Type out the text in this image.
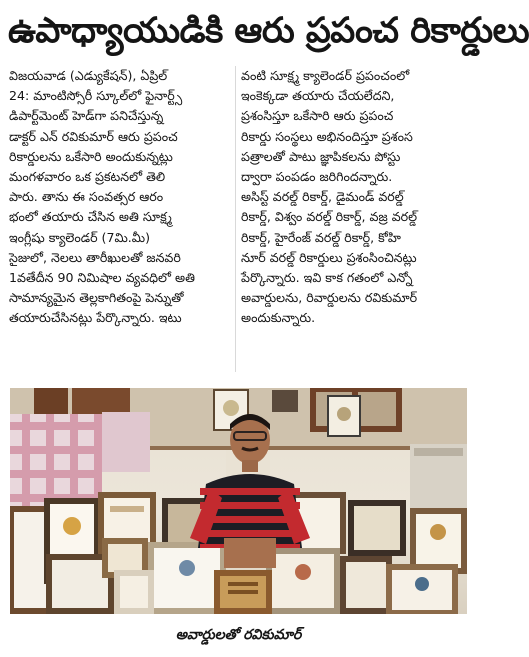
ఉపాధ్యాయుడికి ఆరు ప్రపంచ రికార్డులు
విజయవాడ (ఎడ్యుకేషన్), ఏప్రిల్
24: మాంటిస్సోరీ స్కూల్‌లో ఫైనార్ట్స్
డిపార్ట్‌మెంట్ హెడ్‌గా పనిచేస్తున్న
డాక్టర్ ఎన్ రవికుమార్ ఆరు ప్రపంచ
రికార్డులను ఒకేసారి అందుకున్నట్లు
మంగళవారం ఒక ప్రకటనలో తెలి
పారు. తాను ఈ సంవత్సర ఆరం
భంలో తయారు చేసిన అతి సూక్ష్మ
ఇంగ్లీషు క్యాలెండర్ (7మి.మీ)
సైజులో, నెలలు తారీఖులతో జనవరి
1వతేదీన 90 నిమిషాల వ్యవధిలో అతి
సామాన్యమైన తెల్లకాగితంపై పెన్నుతో
తయారుచేసినట్లు పేర్కొన్నారు. ఇటు
వంటి సూక్ష్మ క్యాలెండర్ ప్రపంచంలో
ఇంకెక్కడా తయారు చేయలేదని,
ప్రశంసిస్తూ ఒకేసారి ఆరు ప్రపంచ
రికార్డు సంస్థలు అభినందిస్తూ ప్రశంస
పత్రాలతో పాటు జ్ఞాపికలను పోస్టు
ద్వారా పంపడం జరిగిందన్నారు.
అసిస్ట్ వరల్డ్ రికార్డ్, డైమండ్ వరల్డ్
రికార్డ్, విశ్వం వరల్డ్ రికార్డ్, వజ్ర వరల్డ్
రికార్డ్, హైరేంజ్ వరల్డ్ రికార్డ్, కోహి
నూర్ వరల్డ్ రికార్డులు ప్రశంసించినట్లు
పేర్కొన్నారు. ఇవి కాక గతంలో ఎన్నో
అవార్డులను, రివార్డులను రవికుమార్
అందుకున్నారు.
అవార్డులతో రవికుమార్
